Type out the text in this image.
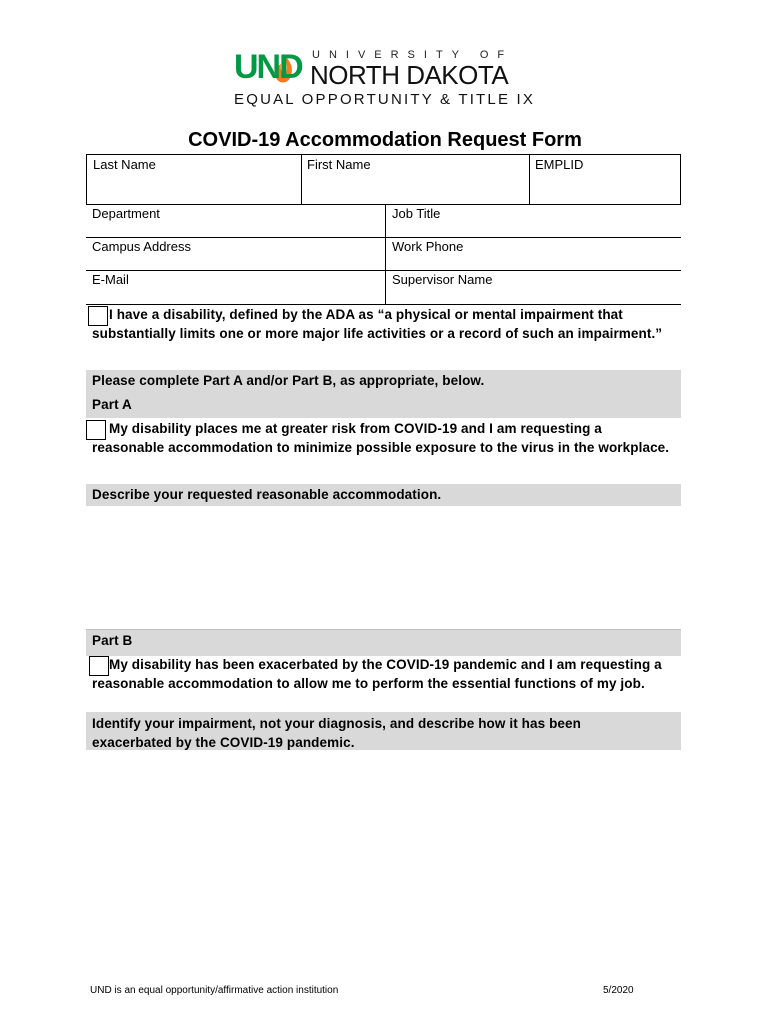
UND UNIVERSITY OF
NORTH DAKOTA
EQUAL OPPORTUNITY & TITLE IX
COVID-19 Accommodation Request Form
Last Name	First Name	EMPLID
Department	Job Title
Campus Address	Work Phone
E-Mail	Supervisor Name
I have a disability, defined by the ADA as “a physical or mental impairment that substantially limits one or more major life activities or a record of such an impairment.”
Please complete Part A and/or Part B, as appropriate, below.
Part A
My disability places me at greater risk from COVID-19 and I am requesting a reasonable accommodation to minimize possible exposure to the virus in the workplace.
Describe your requested reasonable accommodation.
Part B
My disability has been exacerbated by the COVID-19 pandemic and I am requesting a reasonable accommodation to allow me to perform the essential functions of my job.
Identify your impairment, not your diagnosis, and describe how it has been exacerbated by the COVID-19 pandemic.
UND is an equal opportunity/affirmative action institution	5/2020
